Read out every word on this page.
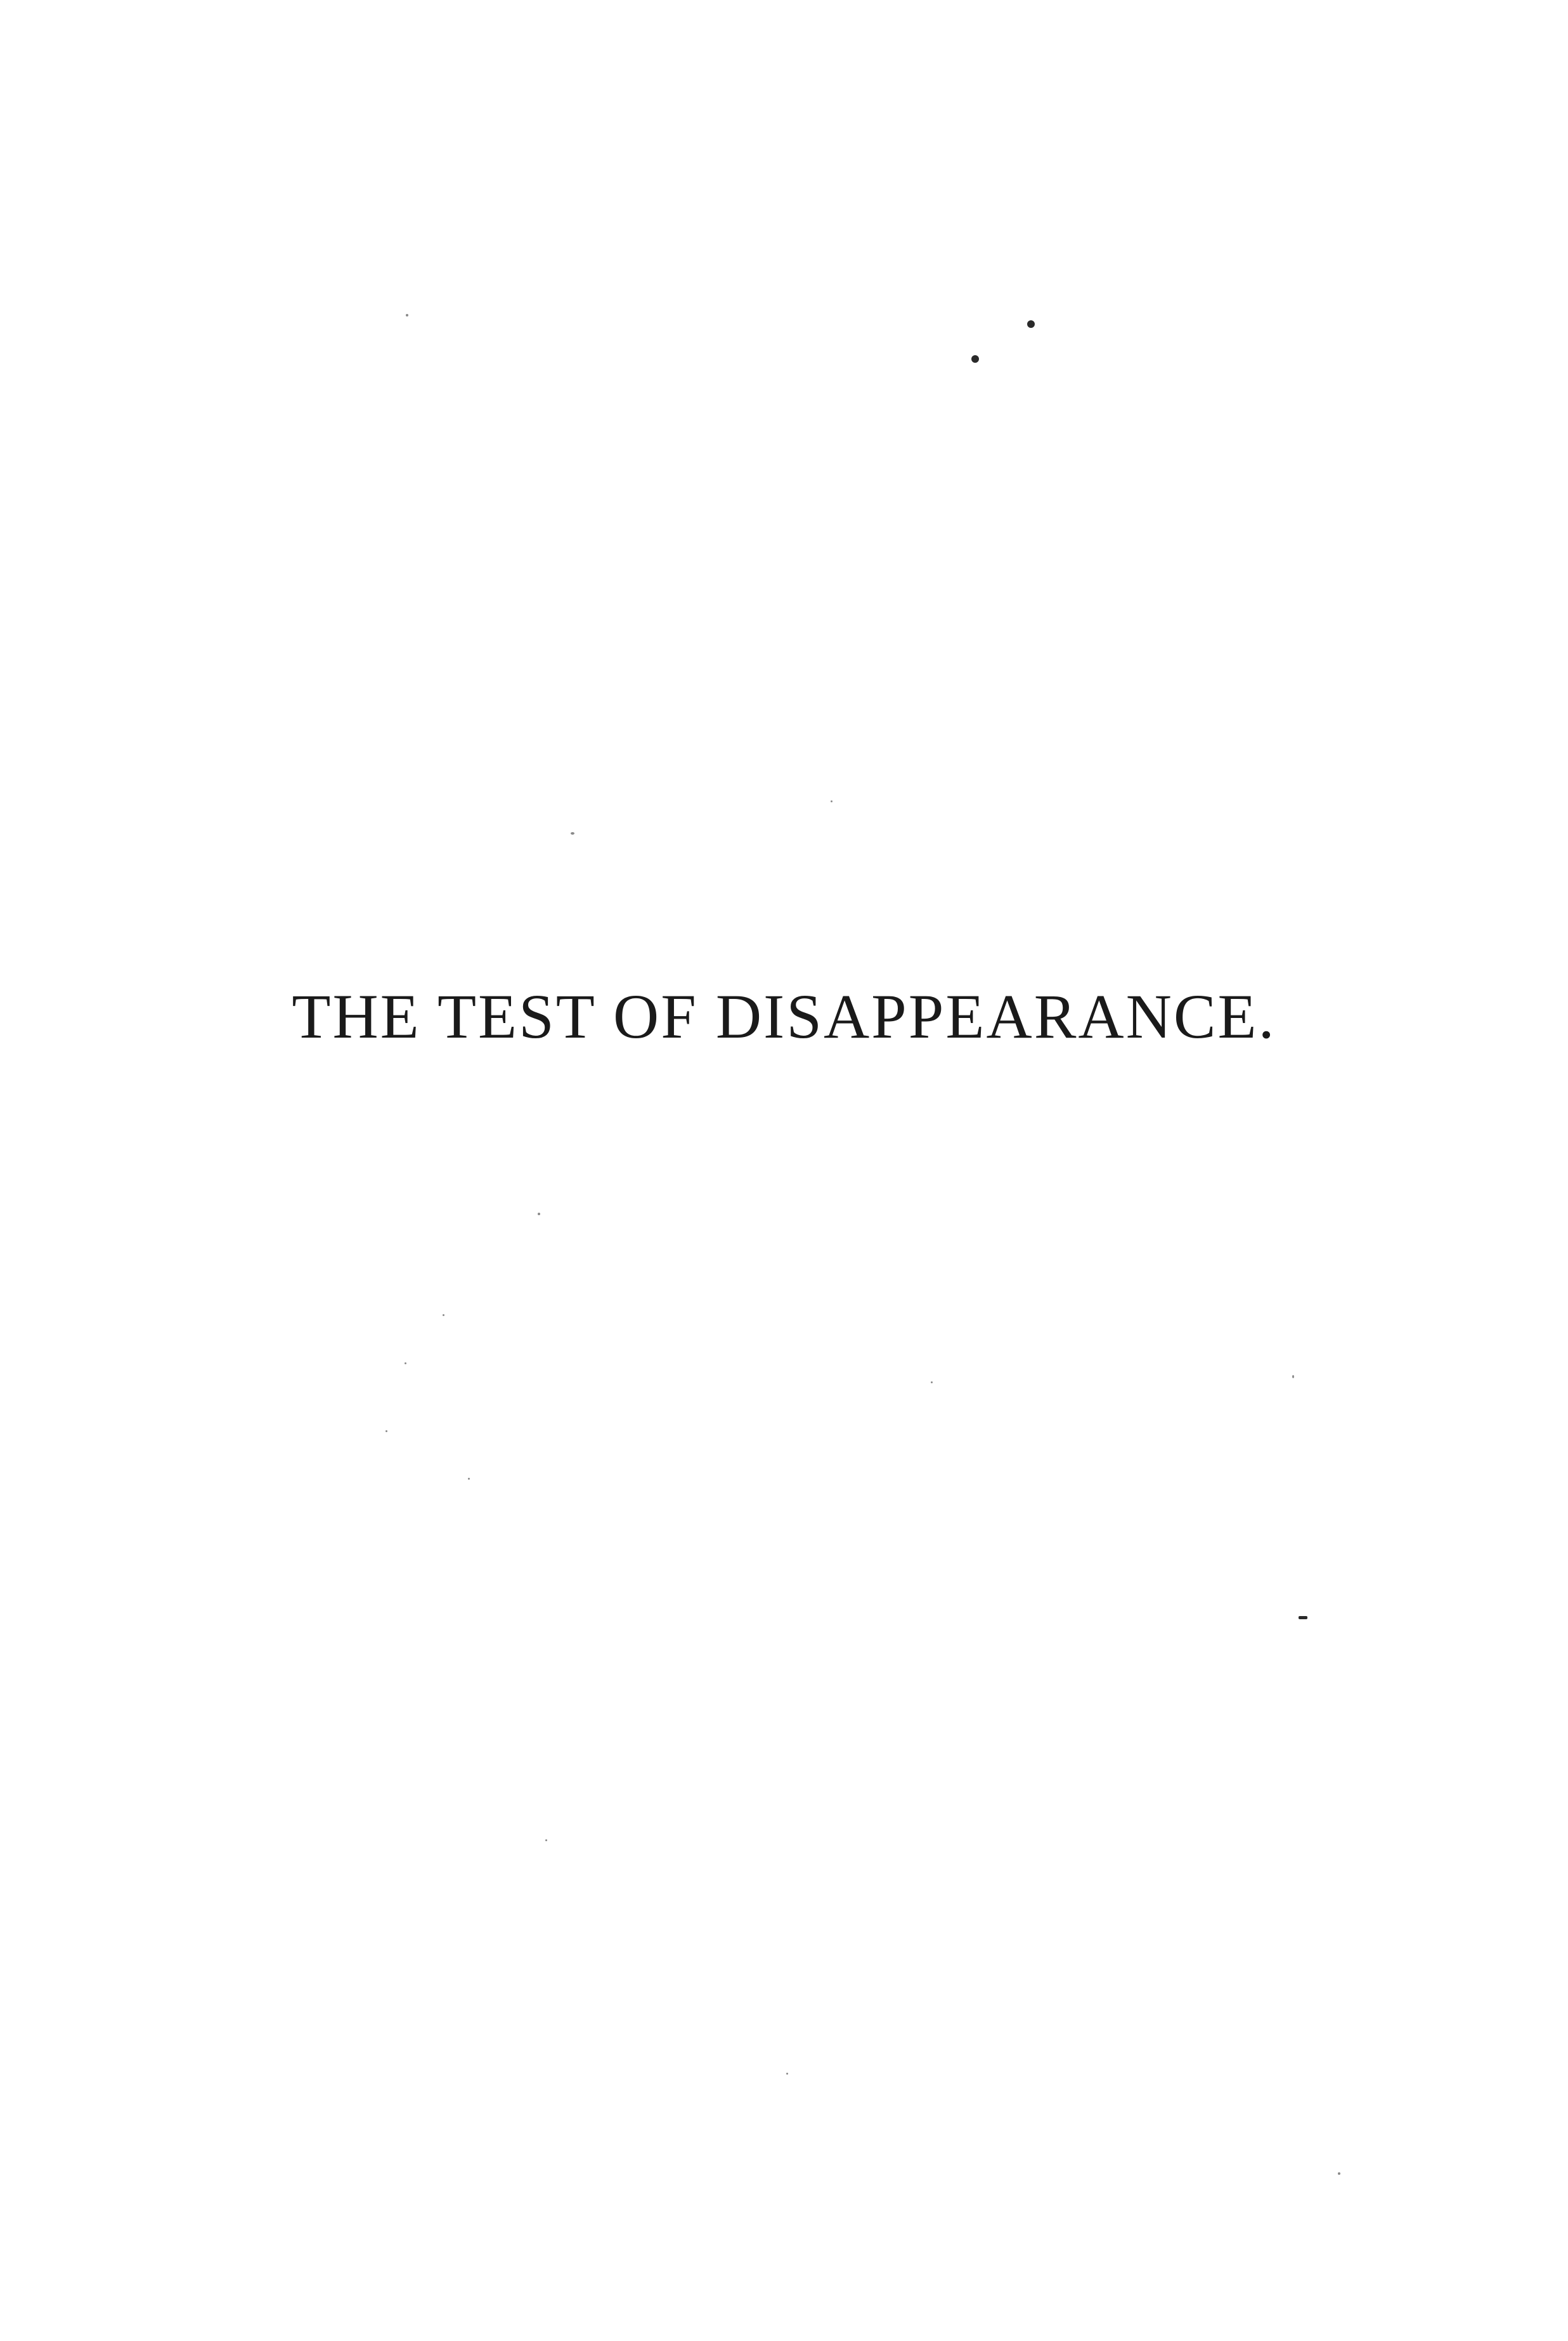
THE TEST OF DISAPPEARANCE.
